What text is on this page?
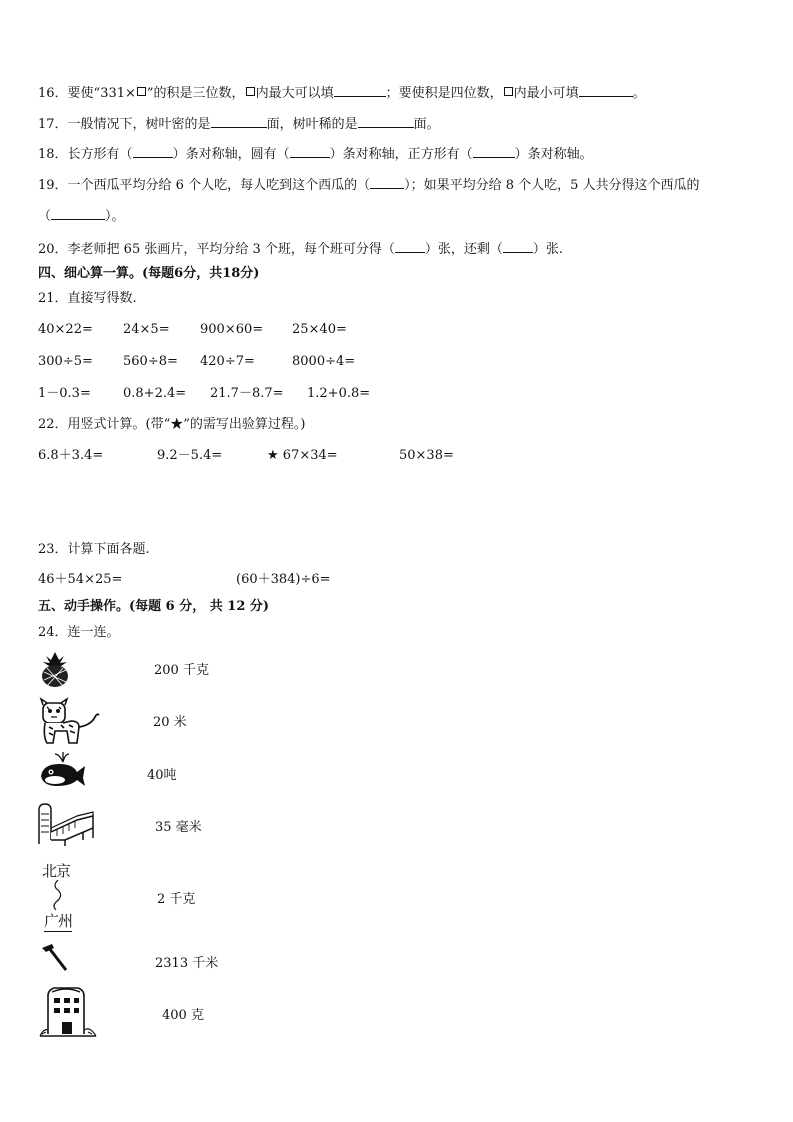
16．要使“331× ”的积是三位数， 内最大可以填	；要使积是四位数， 内最小可填	。
17．一般情况下，树叶密的是	面，树叶稀的是	面。
18．长方形有（	）条对称轴，圆有（	）条对称轴，正方形有（	）条对称轴。
19．一个西瓜平均分给 6 个人吃，每人吃到这个西瓜的（	）；如果平均分给 8 个人吃，5 人共分得这个西瓜的
（	）。
20．李老师把 65 张画片，平均分给 3 个班，每个班可分得（ ）张，还剩（ ）张.
四、细心算一算。(每题6分，共18分)
21．直接写得数.
40×22= 24×5= 900×60= 25×40=
300÷5= 560÷8= 420÷7=	8000÷4=
1－0.3= 0.8+2.4= 21.7－8.7= 1.2+0.8=
22．用竖式计算。(带“★”的需写出验算过程。)
6.8＋3.4=	9.2－5.4=	★ 67×34=	50×38=
23．计算下面各题.
46＋54×25=	(60＋384)÷6=
五、动手操作。(每题 6 分， 共 12 分)
24．连一连。
北京
广州
200 千克
20 米
40吨
35 毫米
2 千克
2313 千米
400 克
